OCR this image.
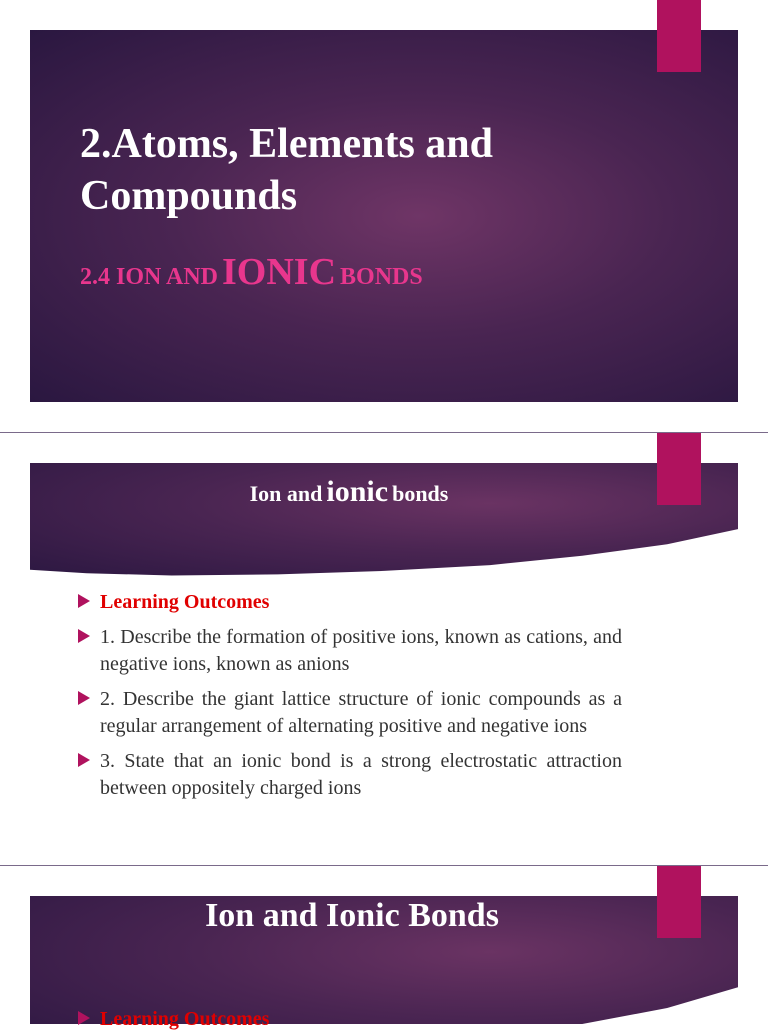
2.Atoms, Elements and Compounds
2.4 ION AND IONIC BONDS
Ion and ionic bonds
Learning Outcomes
1. Describe the formation of positive ions, known as cations, and negative ions, known as anions
2. Describe the giant lattice structure of ionic compounds as a regular arrangement of alternating positive and negative ions
3. State that an ionic bond is a strong electrostatic attraction between oppositely charged ions
Ion and Ionic Bonds
Learning Outcomes
